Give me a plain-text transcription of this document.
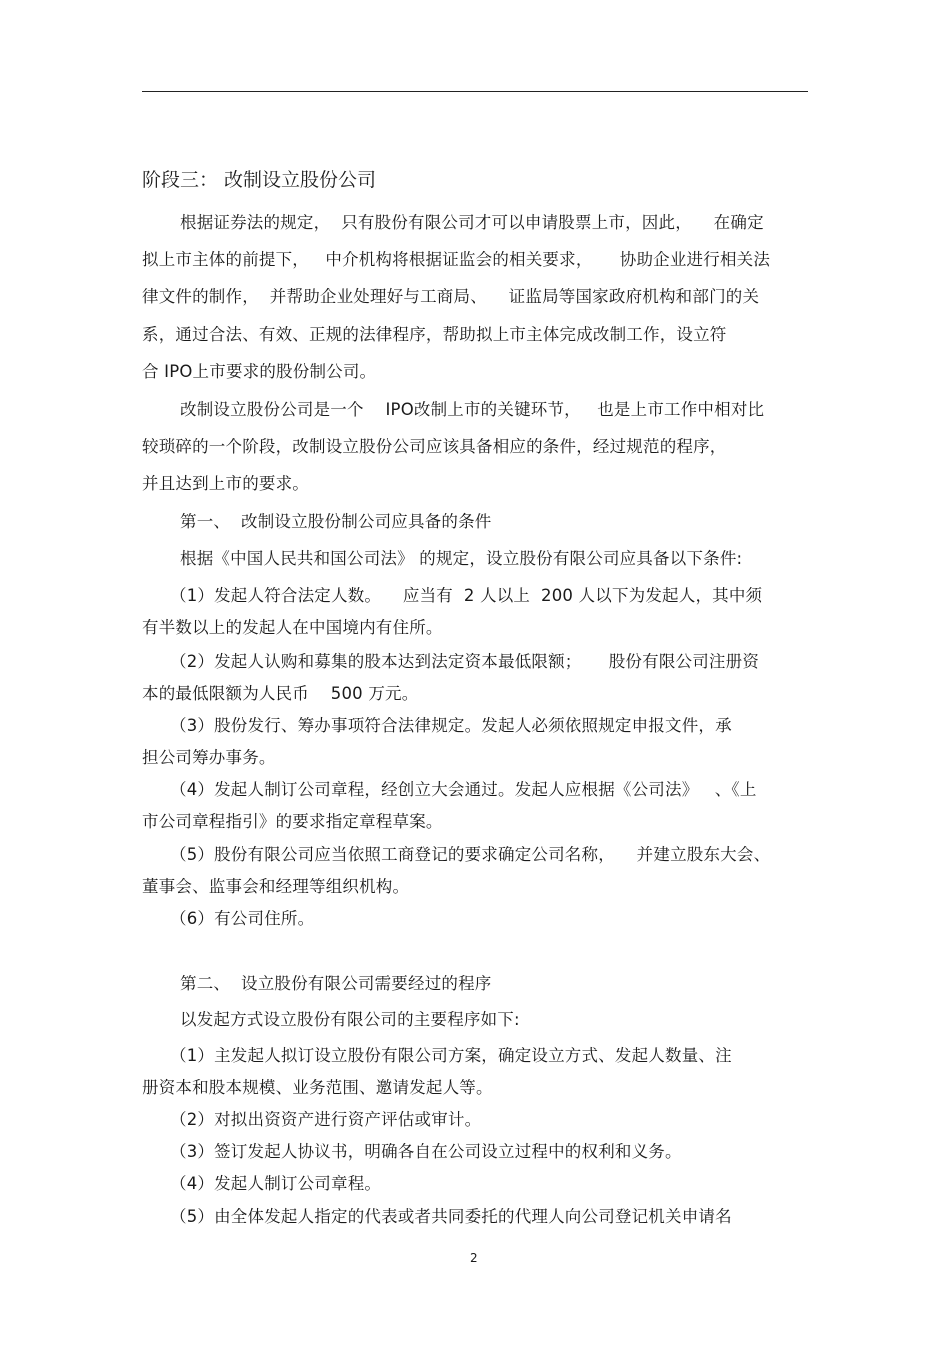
阶段三： 改制设立股份公司
根据证券法的规定，  只有股份有限公司才可以申请股票上市，因此，    在确定
拟上市主体的前提下，   中介机构将根据证监会的相关要求，     协助企业进行相关法
律文件的制作，  并帮助企业处理好与工商局、    证监局等国家政府机构和部门的关
系，通过合法、有效、正规的法律程序，帮助拟上市主体完成改制工作，设立符
合 IPO上市要求的股份制公司。
改制设立股份公司是一个    IPO改制上市的关键环节，   也是上市工作中相对比
较琐碎的一个阶段，改制设立股份公司应该具备相应的条件，经过规范的程序，
并且达到上市的要求。
第一、  改制设立股份制公司应具备的条件
根据《中国人民共和国公司法》 的规定，设立股份有限公司应具备以下条件:
（1）发起人符合法定人数。    应当有  2 人以上  200 人以下为发起人，其中须
有半数以上的发起人在中国境内有住所。
（2）发起人认购和募集的股本达到法定资本最低限额；     股份有限公司注册资
本的最低限额为人民币    500 万元。
（3）股份发行、筹办事项符合法律规定。发起人必须依照规定申报文件，承
担公司筹办事务。
（4）发起人制订公司章程，经创立大会通过。发起人应根据《公司法》   、《上
市公司章程指引》的要求指定章程草案。
（5）股份有限公司应当依照工商登记的要求确定公司名称，    并建立股东大会、
董事会、监事会和经理等组织机构。
（6）有公司住所。
第二、  设立股份有限公司需要经过的程序
以发起方式设立股份有限公司的主要程序如下:
（1）主发起人拟订设立股份有限公司方案，确定设立方式、发起人数量、注
册资本和股本规模、业务范围、邀请发起人等。
（2）对拟出资资产进行资产评估或审计。
（3）签订发起人协议书，明确各自在公司设立过程中的权利和义务。
（4）发起人制订公司章程。
（5）由全体发起人指定的代表或者共同委托的代理人向公司登记机关申请名
2
